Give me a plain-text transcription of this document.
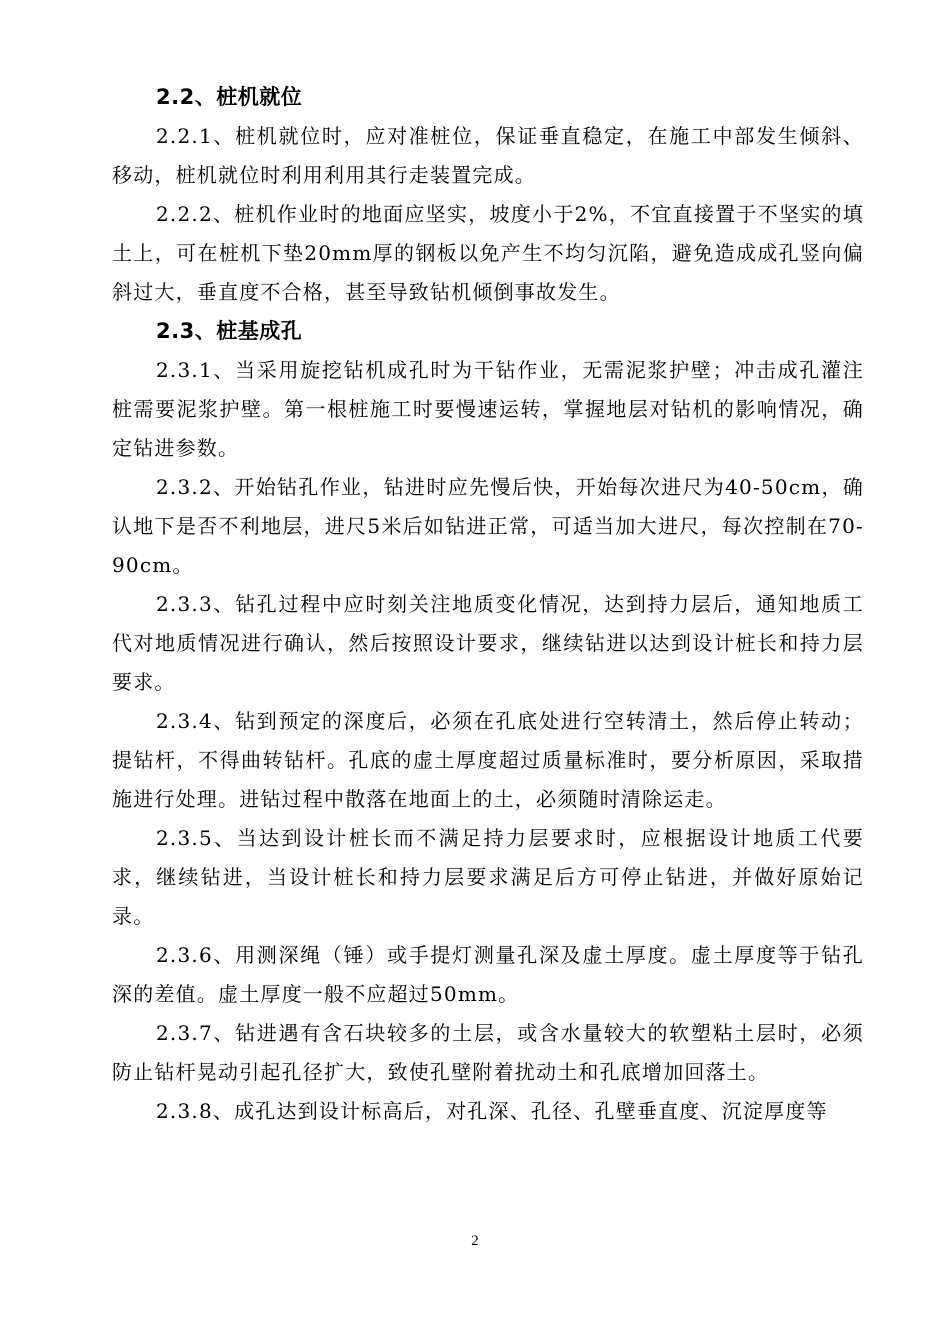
2.2、桩机就位

2.2.1、桩机就位时，应对准桩位，保证垂直稳定，在施工中部发生倾斜、移动，桩机就位时利用利用其行走装置完成。

2.2.2、桩机作业时的地面应坚实，坡度小于2%，不宜直接置于不坚实的填土上，可在桩机下垫20mm厚的钢板以免产生不均匀沉陷，避免造成成孔竖向偏斜过大，垂直度不合格，甚至导致钻机倾倒事故发生。

2.3、桩基成孔

2.3.1、当采用旋挖钻机成孔时为干钻作业，无需泥浆护壁；冲击成孔灌注桩需要泥浆护壁。第一根桩施工时要慢速运转，掌握地层对钻机的影响情况，确定钻进参数。

2.3.2、开始钻孔作业，钻进时应先慢后快，开始每次进尺为40-50cm，确认地下是否不利地层，进尺5米后如钻进正常，可适当加大进尺，每次控制在70-90cm。

2.3.3、钻孔过程中应时刻关注地质变化情况，达到持力层后，通知地质工代对地质情况进行确认，然后按照设计要求，继续钻进以达到设计桩长和持力层要求。

2.3.4、钻到预定的深度后，必须在孔底处进行空转清土，然后停止转动；提钻杆，不得曲转钻杆。孔底的虚土厚度超过质量标准时，要分析原因，采取措施进行处理。进钻过程中散落在地面上的土，必须随时清除运走。

2.3.5、当达到设计桩长而不满足持力层要求时，应根据设计地质工代要求，继续钻进，当设计桩长和持力层要求满足后方可停止钻进，并做好原始记录。

2.3.6、用测深绳（锤）或手提灯测量孔深及虚土厚度。虚土厚度等于钻孔深的差值。虚土厚度一般不应超过50mm。

2.3.7、钻进遇有含石块较多的土层，或含水量较大的软塑粘土层时，必须防止钻杆晃动引起孔径扩大，致使孔壁附着扰动土和孔底增加回落土。

2.3.8、成孔达到设计标高后，对孔深、孔径、孔壁垂直度、沉淀厚度等

2
